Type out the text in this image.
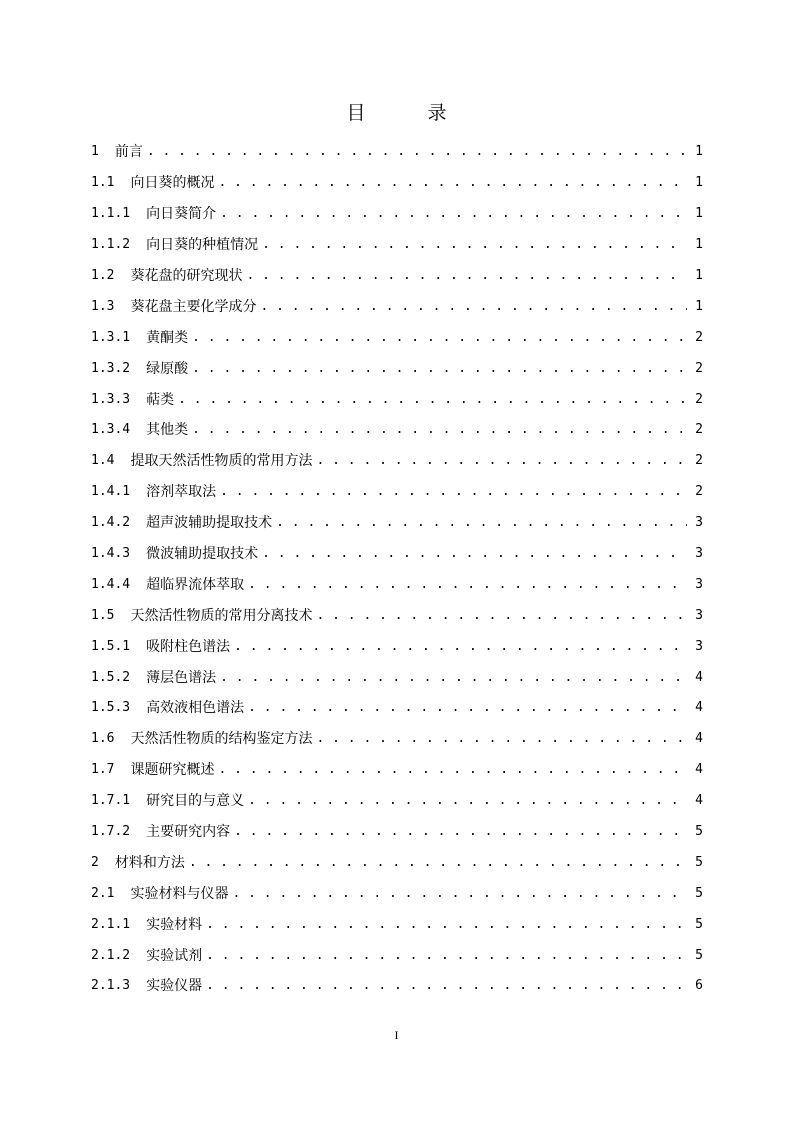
目	录
1 前言 . . .	1
1.1 向日葵的概况 . . .	1
1.1.1 向日葵简介 . . .	1
1.1.2 向日葵的种植情况 . . .	1
1.2 葵花盘的研究现状 . . .	1
1.3 葵花盘主要化学成分 . . .	1
1.3.1 黄酮类 . . .	2
1.3.2 绿原酸 . . .	2
1.3.3 萜类 . . .	2
1.3.4 其他类 . . .	2
1.4 提取天然活性物质的常用方法 . . .	2
1.4.1 溶剂萃取法 . . .	2
1.4.2 超声波辅助提取技术 . . .	3
1.4.3 微波辅助提取技术 . . .	3
1.4.4 超临界流体萃取 . . .	3
1.5 天然活性物质的常用分离技术 . . .	3
1.5.1 吸附柱色谱法 . . .	3
1.5.2 薄层色谱法 . . .	4
1.5.3 高效液相色谱法 . . .	4
1.6 天然活性物质的结构鉴定方法 . . .	4
1.7 课题研究概述 . . .	4
1.7.1 研究目的与意义 . . .	4
1.7.2 主要研究内容 . . .	5
2 材料和方法 . . .	5
2.1 实验材料与仪器 . . .	5
2.1.1 实验材料 . . .	5
2.1.2 实验试剂 . . .	5
2.1.3 实验仪器 . . .	6
I
